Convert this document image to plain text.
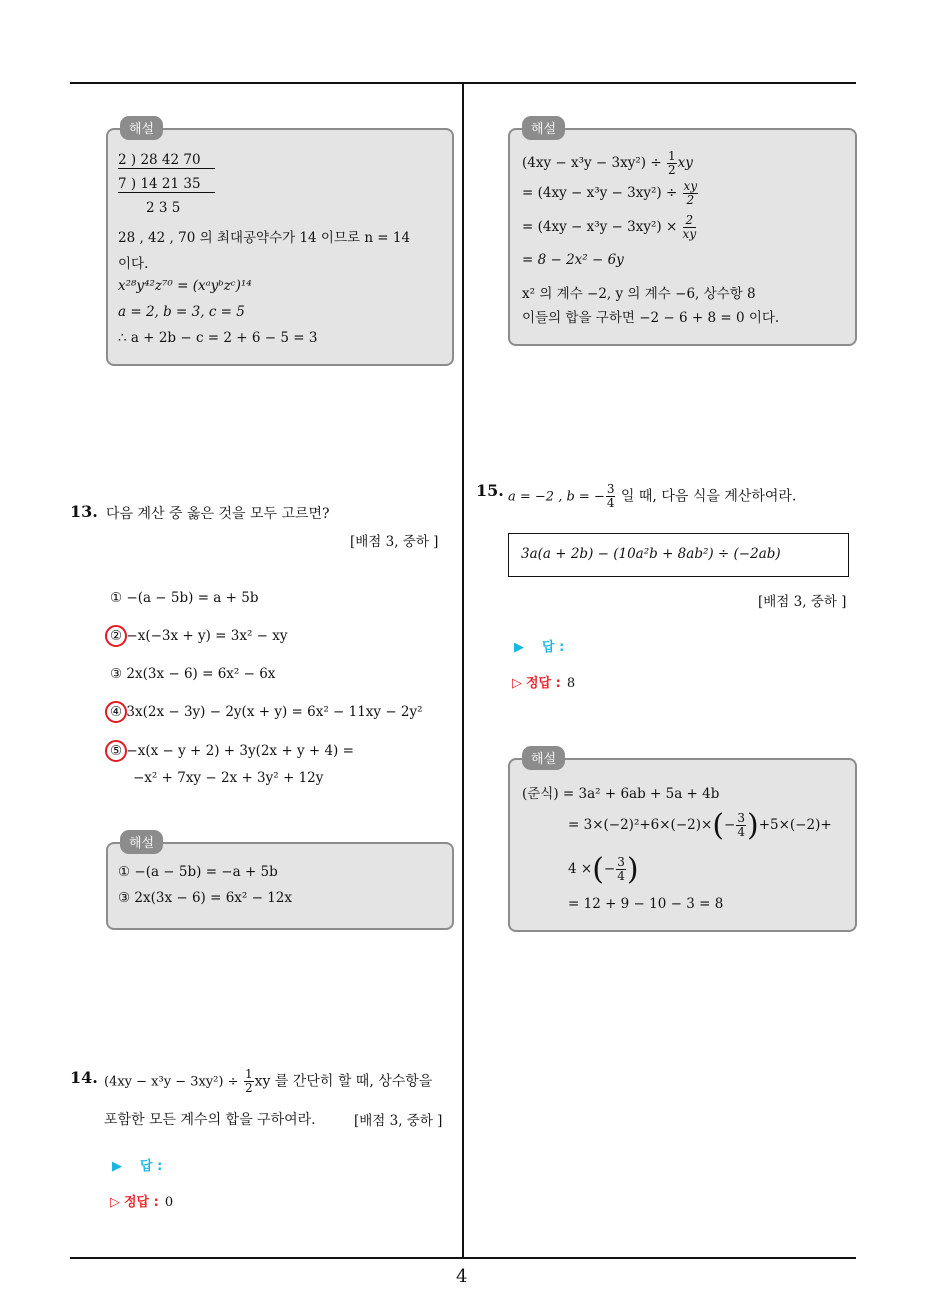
4
해설
2 ) 28 42 70
7 ) 14 21 35
2 3 5
28 , 42 , 70 의 최대공약수가 14 이므로 n = 14
이다.
x²⁸y⁴²z⁷⁰ = (xᵃyᵇzᶜ)¹⁴
a = 2, b = 3, c = 5
∴ a + 2b − c = 2 + 6 − 5 = 3
13. 다음 계산 중 옳은 것을 모두 고르면?
[배점 3, 중하 ]
① −(a − 5b) = a + 5b
② −x(−3x + y) = 3x² − xy
③ 2x(3x − 6) = 6x² − 6x
④ 3x(2x − 3y) − 2y(x + y) = 6x² − 11xy − 2y²
⑤ −x(x − y + 2) + 3y(2x + y + 4) =
−x² + 7xy − 2x + 3y² + 12y
해설
① −(a − 5b) = −a + 5b
③ 2x(3x − 6) = 6x² − 12x
14. $(4xy - x^3y - 3xy^2) \div \frac{1}{2}$ xy 를 간단히 할 때, 상수항을
포함한 모든 계수의 합을 구하여라.	[배점 3, 중하 ]
▶ 답 :
▷ 정답 : 0
해설
$(4xy - x^3y - 3xy^2) \div \frac{1}{2}$ xy
= $(4xy - x^3y - 3xy^2) \div \frac{xy}{2}$
= $(4xy - x^3y - 3xy^2) \times \frac{2}{xy}$
= 8 − 2x² − 6y
x² 의 계수 −2, y 의 계수 −6, 상수항 8
이들의 합을 구하면 −2 − 6 + 8 = 0 이다.
15. a = −2 , b = − $\frac{3}{4}$ 일 때, 다음 식을 계산하여라.
3a(a + 2b) − (10a²b + 8ab²) ÷ (−2ab)
[배점 3, 중하 ]
▶ 답 :
▷ 정답 : 8
해설
(준식) = 3a² + 6ab + 5a + 4b
= $3\times(-2)^2+6\times(-2)\times(- \frac{3}{4} )+5\times(-2)+$
4 ×(− $\frac{3}{4}$ )
= 12 + 9 − 10 − 3 = 8
